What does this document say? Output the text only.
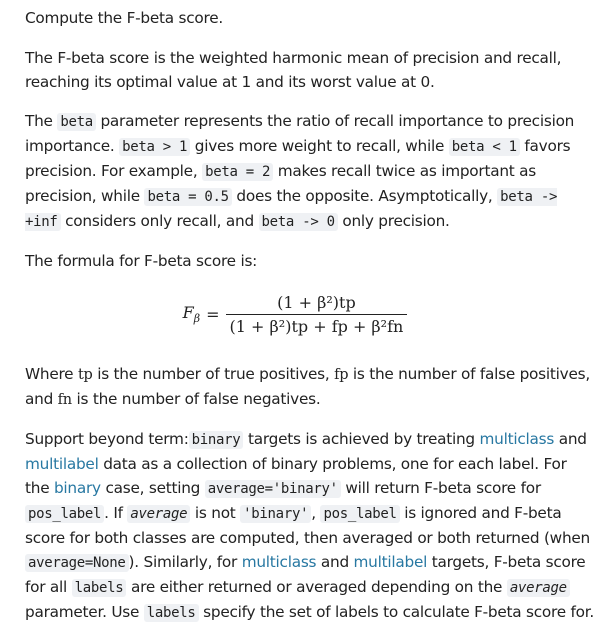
Compute the F-beta score.

The F-beta score is the weighted harmonic mean of precision and recall, reaching its optimal value at 1 and its worst value at 0.

The beta parameter represents the ratio of recall importance to precision importance. beta > 1 gives more weight to recall, while beta < 1 favors precision. For example, beta = 2 makes recall twice as important as precision, while beta = 0.5 does the opposite. Asymptotically, beta -> +inf considers only recall, and beta -> 0 only precision.

The formula for F-beta score is:

$F_\beta = \frac{\text{(1 + β²)tp}}{\text{(1 + β²)tp + fp + β²fn}}$

Where tp is the number of true positives, fp is the number of false positives, and fn is the number of false negatives.

Support beyond term: binary targets is achieved by treating multiclass and multilabel data as a collection of binary problems, one for each label. For the binary case, setting average='binary' will return F-beta score for pos_label . If average is not 'binary' , pos_label is ignored and F-beta score for both classes are computed, then averaged or both returned (when average=None ). Similarly, for multiclass and multilabel targets, F-beta score for all labels are either returned or averaged depending on the average parameter. Use labels specify the set of labels to calculate F-beta score for.
